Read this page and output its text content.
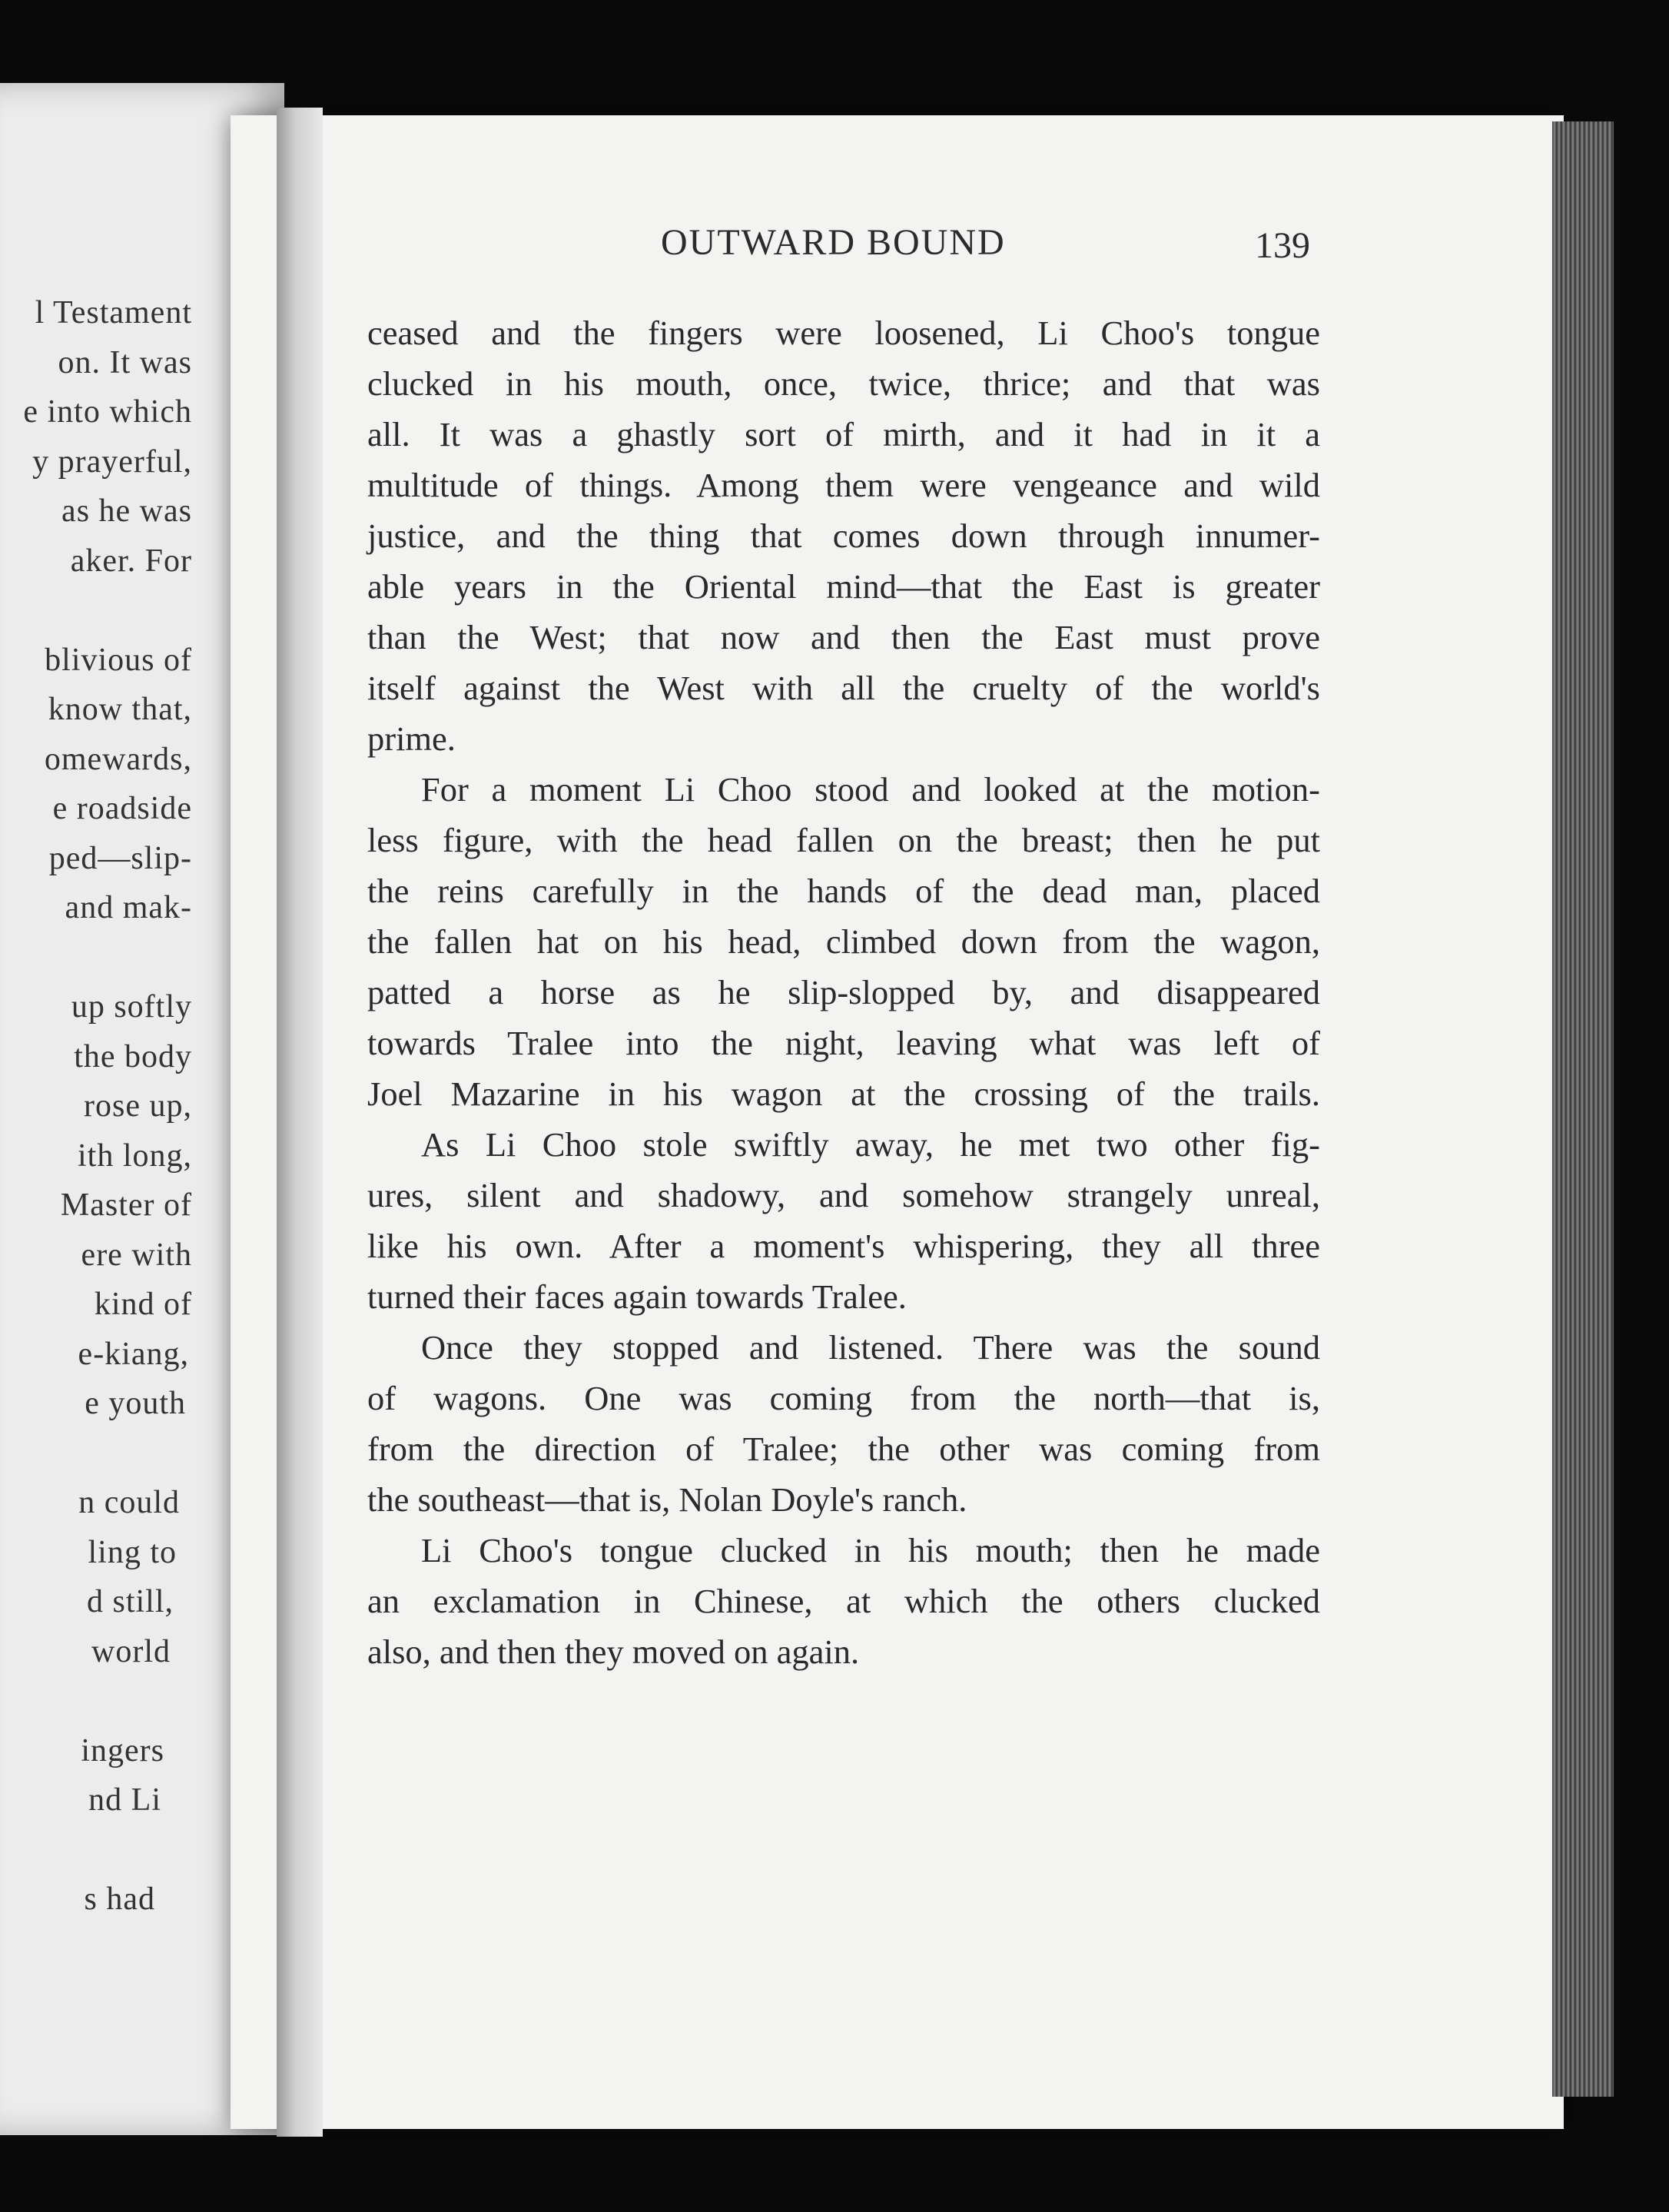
l Testament
on. It was
e into which
y prayerful,
as he was
aker. For
blivious of
know that,
omewards,
e roadside
ped—slip-
and mak-
up softly
the body
rose up,
ith long,
Master of
ere with
kind of
e-kiang,
e youth
n could
ling to
d still,
world
ingers
nd Li
s had
OUTWARD BOUND	139
ceased and the fingers were loosened, Li Choo's tongue
clucked in his mouth, once, twice, thrice; and that was
all. It was a ghastly sort of mirth, and it had in it a
multitude of things. Among them were vengeance and wild
justice, and the thing that comes down through innumer-
able years in the Oriental mind—that the East is greater
than the West; that now and then the East must prove
itself against the West with all the cruelty of the world's
prime.
For a moment Li Choo stood and looked at the motion-
less figure, with the head fallen on the breast; then he put
the reins carefully in the hands of the dead man, placed
the fallen hat on his head, climbed down from the wagon,
patted a horse as he slip-slopped by, and disappeared
towards Tralee into the night, leaving what was left of
Joel Mazarine in his wagon at the crossing of the trails.
As Li Choo stole swiftly away, he met two other fig-
ures, silent and shadowy, and somehow strangely unreal,
like his own. After a moment's whispering, they all three
turned their faces again towards Tralee.
Once they stopped and listened. There was the sound
of wagons. One was coming from the north—that is,
from the direction of Tralee; the other was coming from
the southeast—that is, Nolan Doyle's ranch.
Li Choo's tongue clucked in his mouth; then he made
an exclamation in Chinese, at which the others clucked
also, and then they moved on again.
